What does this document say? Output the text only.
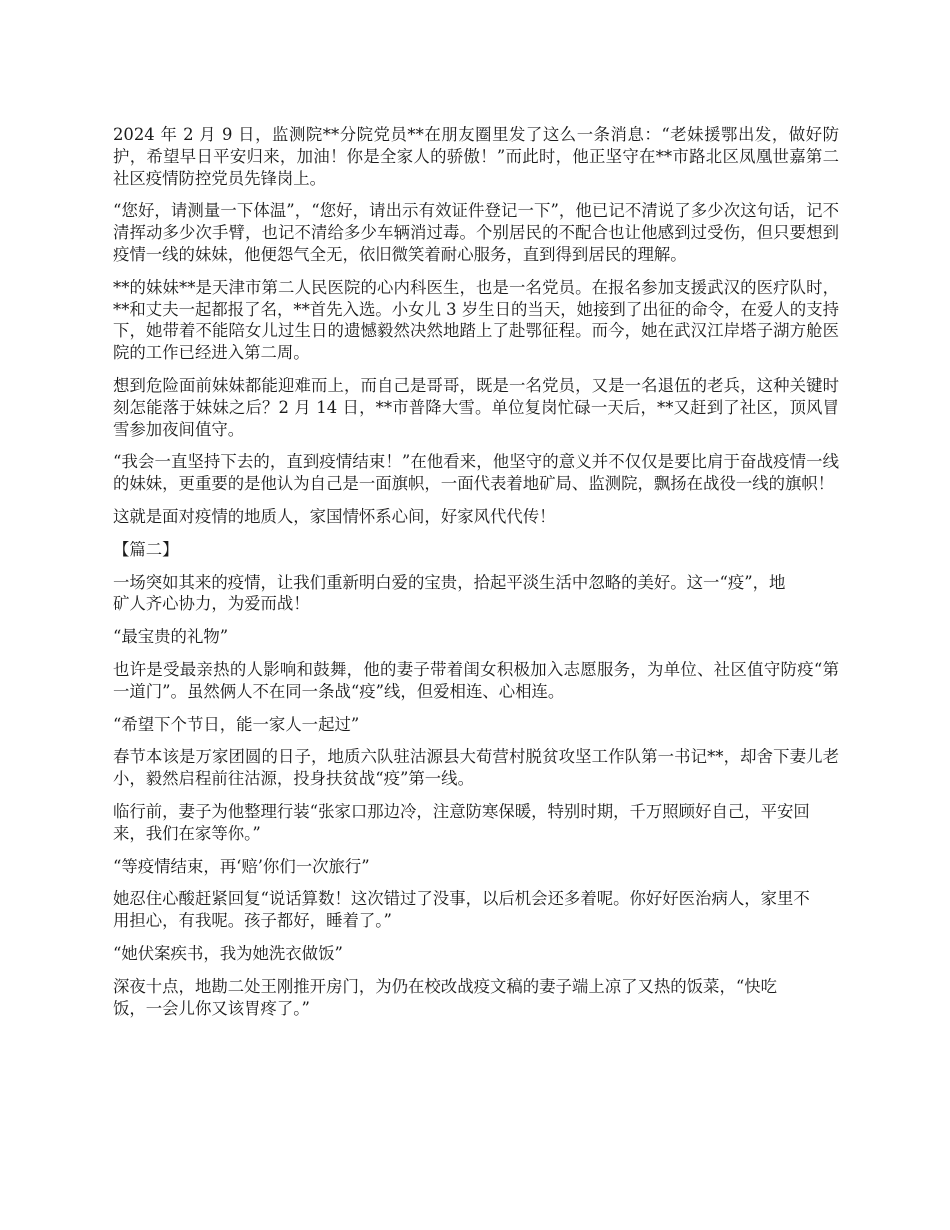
2024 年 2 月 9 日，监测院**分院党员**在朋友圈里发了这么一条消息：“老妹援鄂出发，做好防护，希望早日平安归来，加油！你是全家人的骄傲！”而此时，他正坚守在**市路北区凤凰世嘉第二社区疫情防控党员先锋岗上。

“您好，请测量一下体温”，“您好，请出示有效证件登记一下”，他已记不清说了多少次这句话，记不清挥动多少次手臂，也记不清给多少车辆消过毒。个别居民的不配合也让他感到过受伤，但只要想到疫情一线的妹妹，他便怨气全无，依旧微笑着耐心服务，直到得到居民的理解。

**的妹妹**是天津市第二人民医院的心内科医生，也是一名党员。在报名参加支援武汉的医疗队时，**和丈夫一起都报了名，**首先入选。小女儿 3 岁生日的当天，她接到了出征的命令，在爱人的支持下，她带着不能陪女儿过生日的遗憾毅然决然地踏上了赴鄂征程。而今，她在武汉江岸塔子湖方舱医院的工作已经进入第二周。

想到危险面前妹妹都能迎难而上，而自己是哥哥，既是一名党员，又是一名退伍的老兵，这种关键时刻怎能落于妹妹之后？2 月 14 日，**市普降大雪。单位复岗忙碌一天后，**又赶到了社区，顶风冒雪参加夜间值守。

“我会一直坚持下去的，直到疫情结束！”在他看来，他坚守的意义并不仅仅是要比肩于奋战疫情一线的妹妹，更重要的是他认为自己是一面旗帜，一面代表着地矿局、监测院，飘扬在战役一线的旗帜！

这就是面对疫情的地质人，家国情怀系心间，好家风代代传！

【篇二】

一场突如其来的疫情，让我们重新明白爱的宝贵，拾起平淡生活中忽略的美好。这一“疫”，地矿人齐心协力，为爱而战！

“最宝贵的礼物”

也许是受最亲热的人影响和鼓舞，他的妻子带着闺女积极加入志愿服务，为单位、社区值守防疫“第一道门”。虽然俩人不在同一条战“疫”线，但爱相连、心相连。

“希望下个节日，能一家人一起过”

春节本该是万家团圆的日子，地质六队驻沽源县大荀营村脱贫攻坚工作队第一书记**，却舍下妻儿老小，毅然启程前往沽源，投身扶贫战“疫”第一线。

临行前，妻子为他整理行装“张家口那边冷，注意防寒保暖，特别时期，千万照顾好自己，平安回来，我们在家等你。”

“等疫情结束，再‘赔’你们一次旅行”

她忍住心酸赶紧回复“说话算数！这次错过了没事，以后机会还多着呢。你好好医治病人，家里不用担心，有我呢。孩子都好，睡着了。”

“她伏案疾书，我为她洗衣做饭”

深夜十点，地勘二处王刚推开房门，为仍在校改战疫文稿的妻子端上凉了又热的饭菜，“快吃饭，一会儿你又该胃疼了。”
